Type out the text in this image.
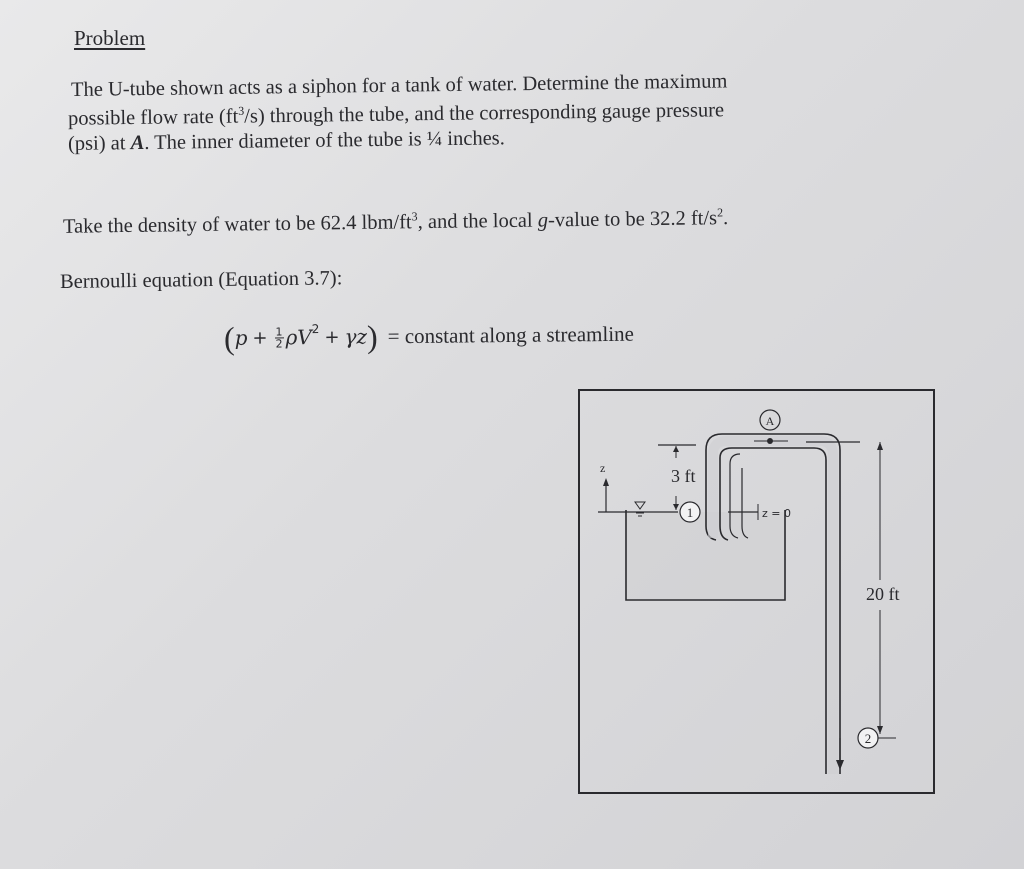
Problem
The U-tube shown acts as a siphon for a tank of water. Determine the maximum
possible flow rate $(ft^3/s)$ through the tube, and the corresponding gauge pressure
(psi) at A. The inner diameter of the tube is ¼ inches.
Take the density of water to be 62.4 lbm/$ft^3$, and the local g-value to be 32.2 $ft/s^2$.
Bernoulli equation (Equation 3.7):
( $p + \frac{1}{2}$ ρV 2 + γz ) = constant along a streamline
z	3 ft
A
1	z = 0
20 ft
2
